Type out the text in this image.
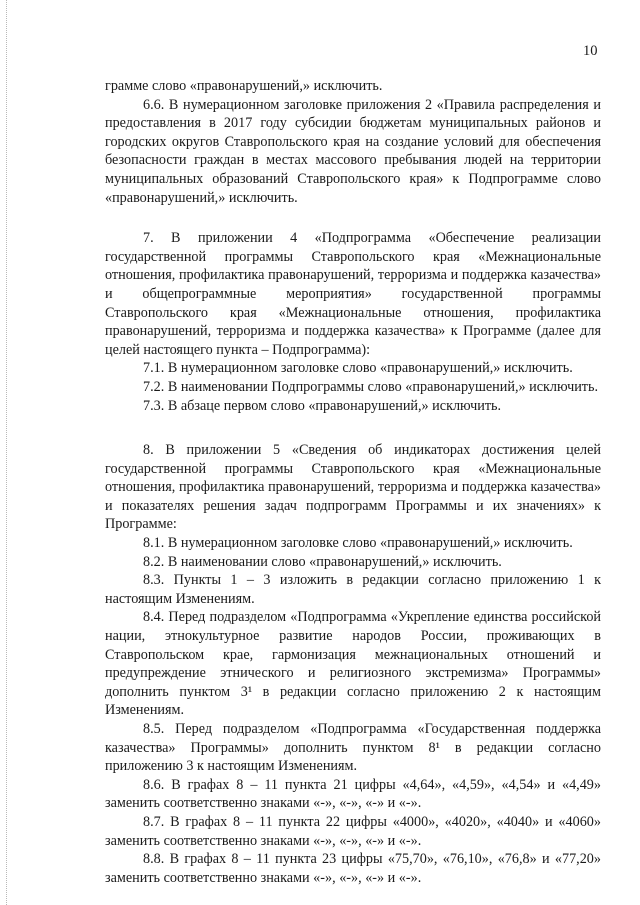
10

грамме слово «правонарушений,» исключить.

6.6. В нумерационном заголовке приложения 2 «Правила распределения и предоставления в 2017 году субсидии бюджетам муниципальных районов и городских округов Ставропольского края на создание условий для обеспечения безопасности граждан в местах массового пребывания людей на территории муниципальных образований Ставропольского края» к Подпрограмме слово «правонарушений,» исключить.

7. В приложении 4 «Подпрограмма «Обеспечение реализации государственной программы Ставропольского края «Межнациональные отношения, профилактика правонарушений, терроризма и поддержка казачества» и общепрограммные мероприятия» государственной программы Ставропольского края «Межнациональные отношения, профилактика правонарушений, терроризма и поддержка казачества» к Программе (далее для целей настоящего пункта – Подпрограмма):

7.1. В нумерационном заголовке слово «правонарушений,» исключить.

7.2. В наименовании Подпрограммы слово «правонарушений,» исключить.

7.3. В абзаце первом слово «правонарушений,» исключить.

8. В приложении 5 «Сведения об индикаторах достижения целей государственной программы Ставропольского края «Межнациональные отношения, профилактика правонарушений, терроризма и поддержка казачества» и показателях решения задач подпрограмм Программы и их значениях» к Программе:

8.1. В нумерационном заголовке слово «правонарушений,» исключить.

8.2. В наименовании слово «правонарушений,» исключить.

8.3. Пункты 1 – 3 изложить в редакции согласно приложению 1 к настоящим Изменениям.

8.4. Перед подразделом «Подпрограмма «Укрепление единства российской нации, этнокультурное развитие народов России, проживающих в Ставропольском крае, гармонизация межнациональных отношений и предупреждение этнического и религиозного экстремизма» Программы» дополнить пунктом 3¹ в редакции согласно приложению 2 к настоящим Изменениям.

8.5. Перед подразделом «Подпрограмма «Государственная поддержка казачества» Программы» дополнить пунктом 8¹ в редакции согласно приложению 3 к настоящим Изменениям.

8.6. В графах 8 – 11 пункта 21 цифры «4,64», «4,59», «4,54» и «4,49» заменить соответственно знаками «-», «-», «-» и «-».

8.7. В графах 8 – 11 пункта 22 цифры «4000», «4020», «4040» и «4060» заменить соответственно знаками «-», «-», «-» и «-».

8.8. В графах 8 – 11 пункта 23 цифры «75,70», «76,10», «76,8» и «77,20» заменить соответственно знаками «-», «-», «-» и «-».
